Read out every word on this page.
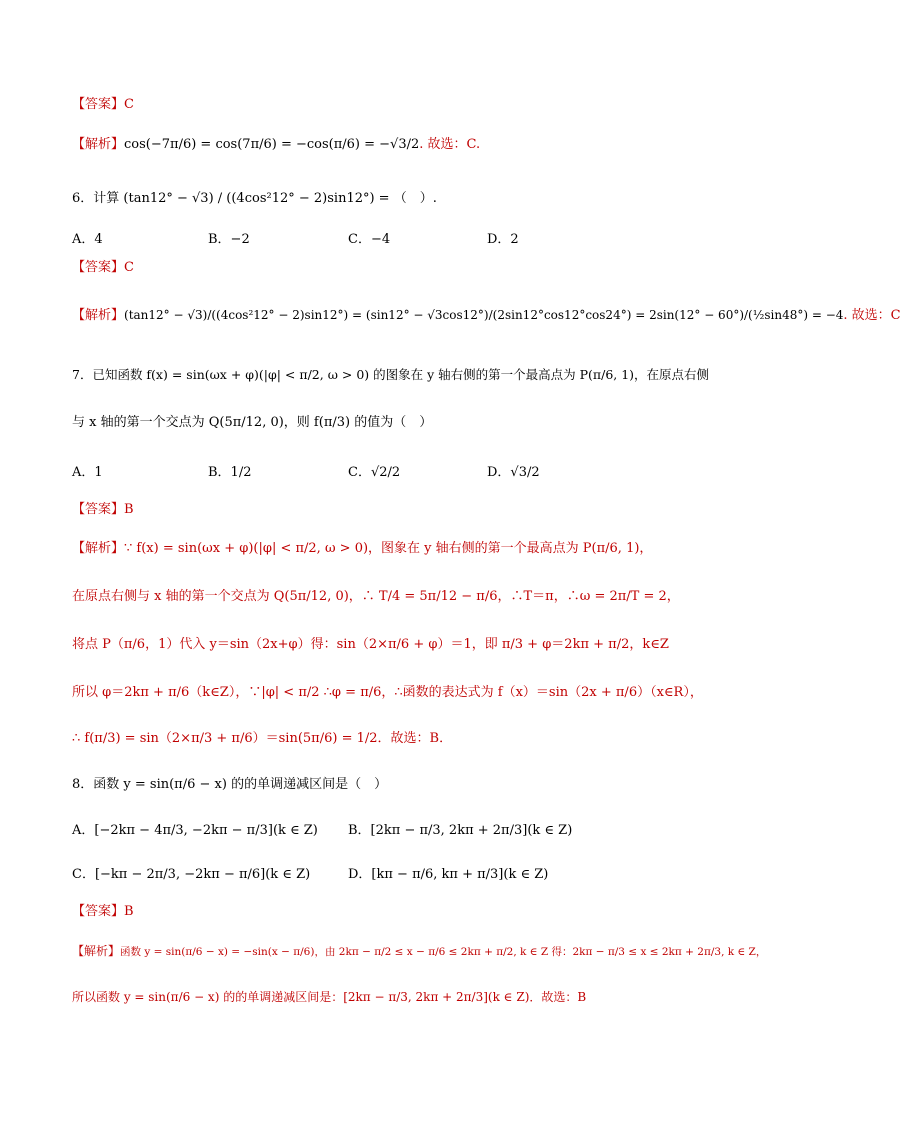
【答案】C
【解析】cos(−7π/6) = cos(7π/6) = −cos(π/6) = −√3/2. 故选：C.
6．计算 (tan12° − √3) / ((4cos²12° − 2)sin12°) = （　）.
A．4	B．−2	C．−4	D．2
【答案】C
【解析】(tan12° − √3)/((4cos²12° − 2)sin12°) = (sin12° − √3cos12°)/(2sin12°cos12°cos24°) = 2sin(12° − 60°)/(½sin48°) = −4. 故选：C
7．已知函数 f(x) = sin(ωx + φ)(|φ| < π/2, ω > 0) 的图象在 y 轴右侧的第一个最高点为 P(π/6, 1)，在原点右侧
与 x 轴的第一个交点为 Q(5π/12, 0)，则 f(π/3) 的值为（　）
A．1	B．1/2	C．√2/2	D．√3/2
【答案】B
【解析】∵ f(x) = sin(ωx + φ)(|φ| < π/2, ω > 0)，图象在 y 轴右侧的第一个最高点为 P(π/6, 1)，
在原点右侧与 x 轴的第一个交点为 Q(5π/12, 0)，∴ T/4 = 5π/12 − π/6，∴T＝π，∴ω = 2π/T = 2，
将点 P（π/6，1）代入 y＝sin（2x+φ）得：sin（2×π/6 + φ）＝1，即 π/3 + φ＝2kπ + π/2，k∈Z
所以 φ＝2kπ + π/6（k∈Z），∵|φ| < π/2 ∴φ = π/6，∴函数的表达式为 f（x）＝sin（2x + π/6）（x∈R），
∴ f(π/3) = sin（2×π/3 + π/6）＝sin(5π/6) = 1/2．故选：B．
8．函数 y = sin(π/6 − x) 的的单调递减区间是（　）
A．[−2kπ − 4π/3, −2kπ − π/3](k ∈ Z) B．[2kπ − π/3, 2kπ + 2π/3](k ∈ Z)
C．[−kπ − 2π/3, −2kπ − π/6](k ∈ Z)	D．[kπ − π/6, kπ + π/3](k ∈ Z)
【答案】B
【解析】函数 y = sin(π/6 − x) = −sin(x − π/6)，由 2kπ − π/2 ≤ x − π/6 ≤ 2kπ + π/2, k ∈ Z 得：2kπ − π/3 ≤ x ≤ 2kπ + 2π/3, k ∈ Z，
所以函数 y = sin(π/6 − x) 的的单调递减区间是：[2kπ − π/3, 2kπ + 2π/3](k ∈ Z)．故选：B
